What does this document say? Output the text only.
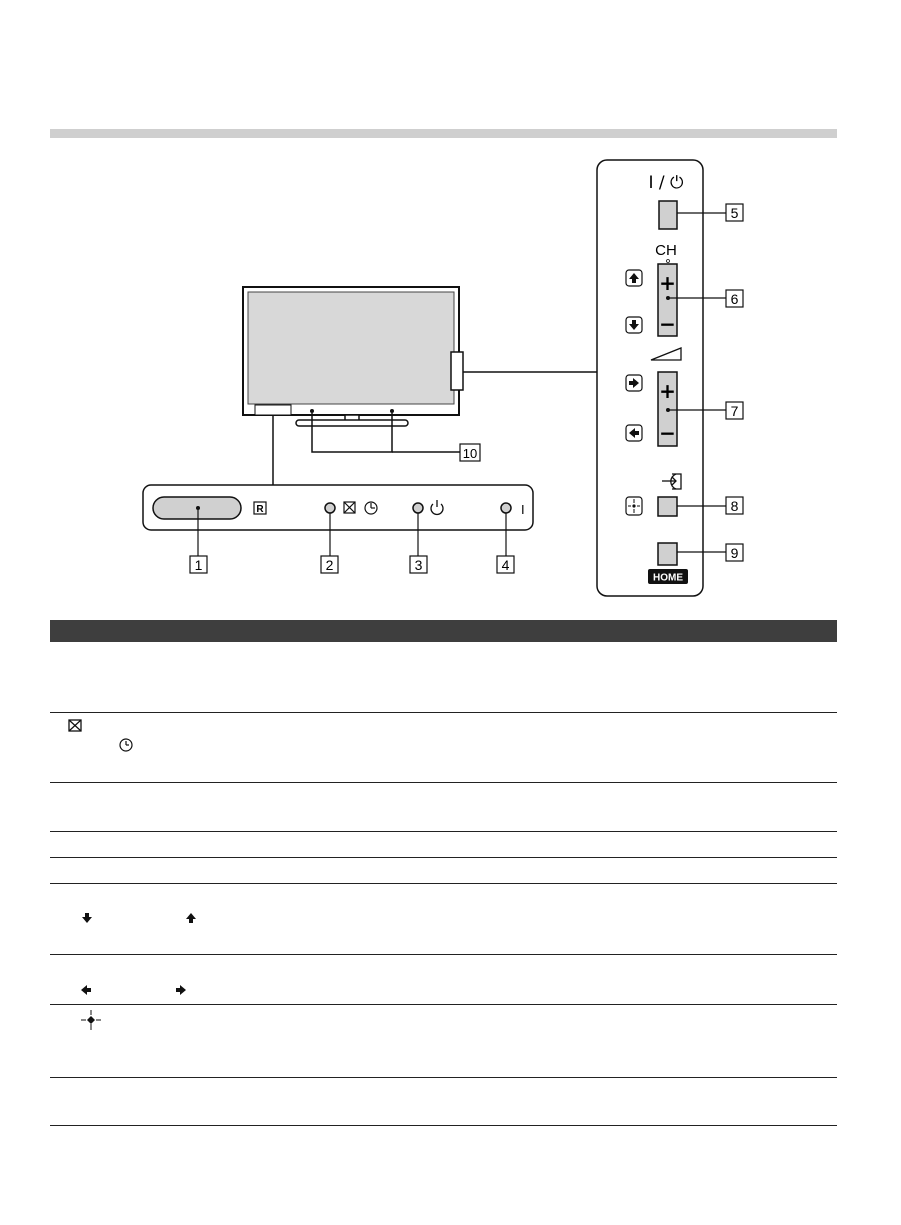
R	I
I / ⏻
CH
+
−
+
−
HOME
1	2	3	4
5
6
7
8
9
10
